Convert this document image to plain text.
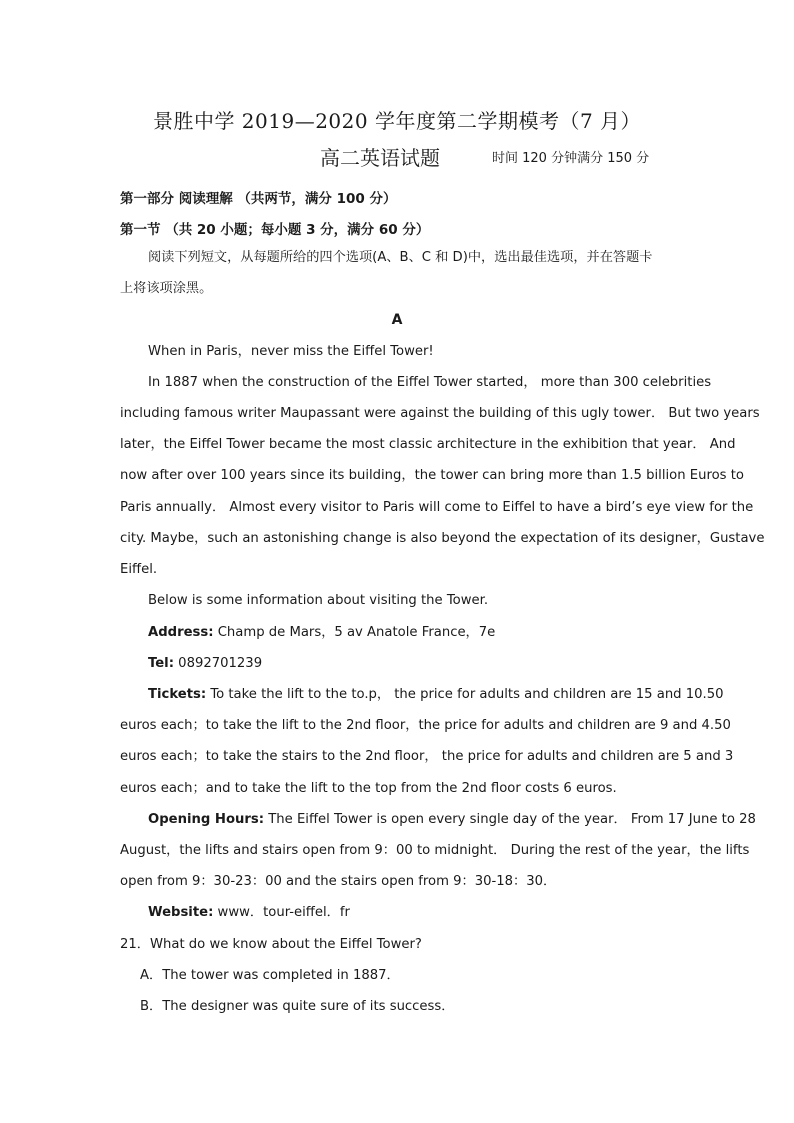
景胜中学 2019—2020 学年度第二学期模考（7 月）
高二英语试题	时间 120 分钟满分 150 分
第一部分 阅读理解 （共两节，满分 100 分）
第一节 （共 20 小题；每小题 3 分，满分 60 分）
阅读下列短文，从每题所给的四个选项(A、B、C 和 D)中，选出最佳选项，并在答题卡
上将该项涂黑。
A
When in Paris，never miss the Eiffel Tower!
In 1887 when the construction of the Eiffel Tower started， more than 300 celebrities
including famous writer Maupassant were against the building of this ugly tower． But two years
later，the Eiffel Tower became the most classic architecture in the exhibition that year． And
now after over 100 years since its building，the tower can bring more than 1.5 billion Euros to
Paris annually． Almost every visitor to Paris will come to Eiffel to have a bird’s eye view for the
city. Maybe，such an astonishing change is also beyond the expectation of its designer，Gustave
Eiffel.
Below is some information about visiting the Tower.
Address: Champ de Mars，5 av Anatole France，7e
Tel: 0892701239
Tickets: To take the lift to the to.p， the price for adults and children are 15 and 10.50
euros each；to take the lift to the 2nd floor，the price for adults and children are 9 and 4.50
euros each；to take the stairs to the 2nd floor， the price for adults and children are 5 and 3
euros each；and to take the lift to the top from the 2nd floor costs 6 euros.
Opening Hours: The Eiffel Tower is open every single day of the year． From 17 June to 28
August，the lifts and stairs open from 9：00 to midnight． During the rest of the year，the lifts
open from 9：30-23：00 and the stairs open from 9：30-18：30．
Website: www．tour-eiffel．fr
21．What do we know about the Eiffel Tower?
A．The tower was completed in 1887．
B．The designer was quite sure of its success．
